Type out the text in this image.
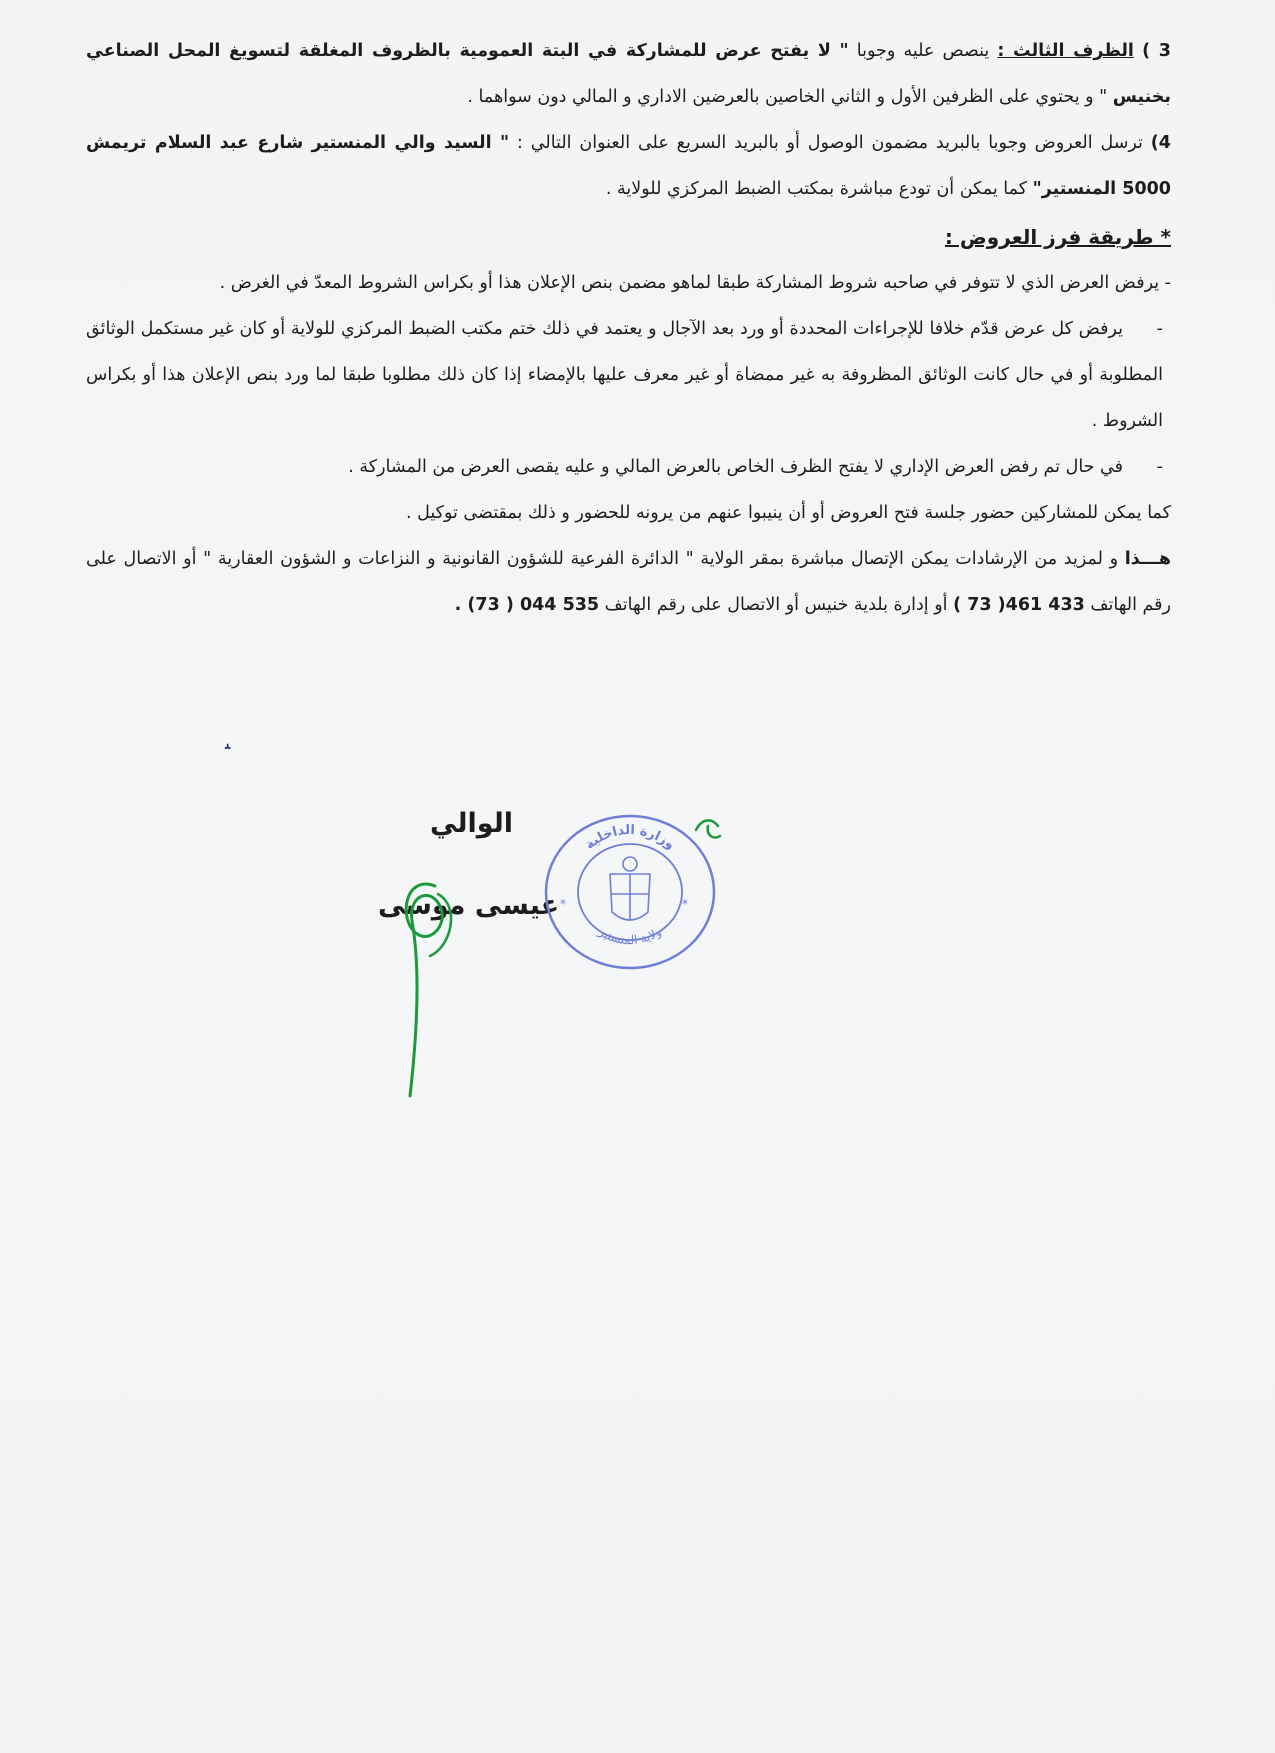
3 ) الظرف الثالث : ينصص عليه وجوبا " لا يفتح عرض للمشاركة في البتة العمومية بالظروف المغلقة لتسويغ المحل الصناعي بخنيس " و يحتوي على الظرفين الأول و الثاني الخاصين بالعرضين الاداري و المالي دون سواهما .

4) ترسل العروض وجوبا بالبريد مضمون الوصول أو بالبريد السريع على العنوان التالي : " السيد والي المنستير شارع عبد السلام تريمش 5000 المنستير" كما يمكن أن تودع مباشرة بمكتب الضبط المركزي للولاية .

* طريقة فرز العروض :

- يرفض العرض الذي لا تتوفر في صاحبه شروط المشاركة طبقا لماهو مضمن بنص الإعلان هذا أو بكراس الشروط المعدّ في الغرض .

-يرفض كل عرض قدّم خلافا للإجراءات المحددة أو ورد بعد الآجال و يعتمد في ذلك ختم مكتب الضبط المركزي للولاية أو كان غير مستكمل الوثائق المطلوبة أو في حال كانت الوثائق المظروفة به غير ممضاة أو غير معرف عليها بالإمضاء إذا كان ذلك مطلوبا طبقا لما ورد بنص الإعلان هذا أو بكراس الشروط .

-في حال تم رفض العرض الإداري لا يفتح الظرف الخاص بالعرض المالي و عليه يقصى العرض من المشاركة .

كما يمكن للمشاركين حضور جلسة فتح العروض أو أن ينيبوا عنهم من يرونه للحضور و ذلك بمقتضى توكيل .

هـــذا و لمزيد من الإرشادات يمكن الإتصال مباشرة بمقر الولاية " الدائرة الفرعية للشؤون القانونية و النزاعات و الشؤون العقارية " أو الاتصال على رقم الهاتف 433 461( 73 ) أو إدارة بلدية خنيس أو الاتصال على رقم الهاتف 535 044 ( 73) .

ﯩ
الوالي
عيسى موسى
وزارة الداخلية
ولاية المنستير
*	*
